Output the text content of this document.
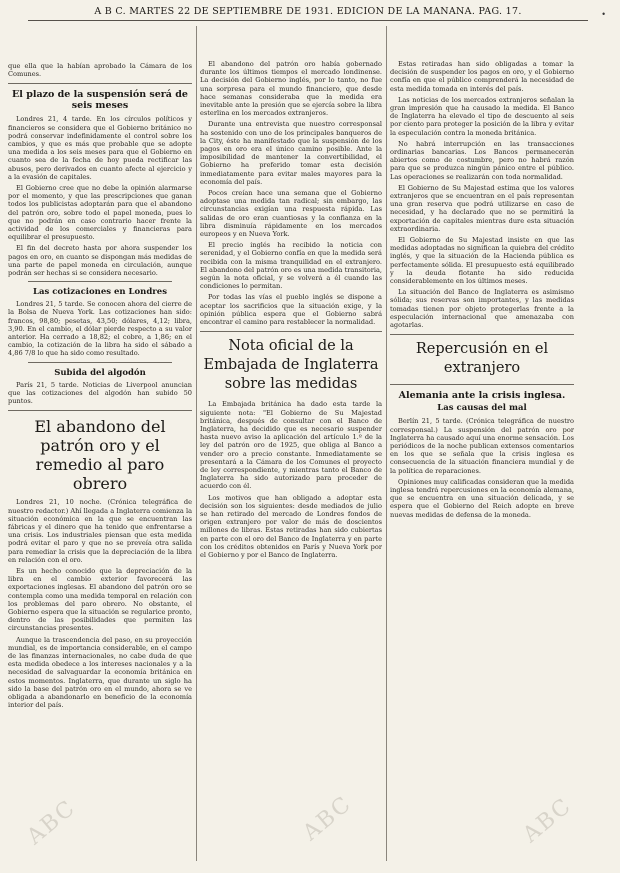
A B C. MARTES 22 DE SEPTIEMBRE DE 1931. EDICION DE LA MAÑANA. PAG. 17.	•

que ella que la habían aprobado la Cámara de los Comunes.

El plazo de la suspensión será de seis meses

Londres 21, 4 tarde. En los círculos políticos y financieros se considera que el Gobierno británico no podrá conservar indefinidamente el control sobre los cambios, y que es más que probable que se adopte una medida a los seis meses para que el Gobierno en cuanto sea de la fecha de hoy pueda rectificar las abusos, pero derivados en cuanto afecte al ejercicio y a la evasión de capitales.

El Gobierno cree que no debe la opinión alarmarse por el momento, y que las prescripciones que ganan todos los publicistas adoptarán para que el abandono del patrón oro, sobre todo el papel moneda, pues lo que no podrán en caso contrario hacer frente la actividad de los comerciales y financieras para equilibrar el presupuesto.

El fin del decreto hasta por ahora suspender los pagos en oro, en cuanto se dispongan más medidas de una parte de papel moneda en circulación, aunque podrán ser hechas si se considera necesario.

Las cotizaciones en Londres

Londres 21, 5 tarde. Se conocen ahora del cierre de la Bolsa de Nueva York. Las cotizaciones han sido: francos, 98,80; pesetas, 43,50; dólares, 4,12; libra, 3,90. En el cambio, el dólar pierde respecto a su valor anterior. Ha cerrado a 18,82; el cobre, a 1,86; en el cambio, la cotización de la libra ha sido el sábado a 4,86 7/8 lo que ha sido como resultado.

Subida del algodón

París 21, 5 tarde. Noticias de Liverpool anuncian que las cotizaciones del algodón han subido 50 puntos.

El abandono del patrón oro y el remedio al paro obrero

Londres 21, 10 noche. (Crónica telegráfica de nuestro redactor.) Ahí llegada a Inglaterra comienza la situación económica en la que se encuentran las fábricas y el dinero que ha tenido que enfrentarse a una crisis. Los industriales piensan que esta medida podrá evitar el paro y que no se preveía otra salida para remediar la crisis que la depreciación de la libra en relación con el oro.

Es un hecho conocido que la depreciación de la libra en el cambio exterior favorecerá las exportaciones inglesas. El abandono del patrón oro se contempla como una medida temporal en relación con los problemas del paro obrero. No obstante, el Gobierno espera que la situación se regularice pronto, dentro de las posibilidades que permiten las circunstancias presentes.

Aunque la trascendencia del paso, en su proyección mundial, es de importancia considerable, en el campo de las finanzas internacionales, no cabe duda de que esta medida obedece a los intereses nacionales y a la necesidad de salvaguardar la economía británica en estos momentos. Inglaterra, que durante un siglo ha sido la base del patrón oro en el mundo, ahora se ve obligada a abandonarlo en beneficio de la economía interior del país.

El abandono del patrón oro había gobernado durante los últimos tiempos el mercado londinense. La decisión del Gobierno inglés, por lo tanto, no fue una sorpresa para el mundo financiero, que desde hace semanas consideraba que la medida era inevitable ante la presión que se ejercía sobre la libra esterlina en los mercados extranjeros.

Durante una entrevista que nuestro corresponsal ha sostenido con uno de los principales banqueros de la City, éste ha manifestado que la suspensión de los pagos en oro era el único camino posible. Ante la imposibilidad de mantener la convertibilidad, el Gobierno ha preferido tomar esta decisión inmediatamente para evitar males mayores para la economía del país.

Pocos creían hace una semana que el Gobierno adoptase una medida tan radical; sin embargo, las circunstancias exigían una respuesta rápida. Las salidas de oro eran cuantiosas y la confianza en la libra disminuía rápidamente en los mercados europeos y en Nueva York.

El precio inglés ha recibido la noticia con serenidad, y el Gobierno confía en que la medida será recibida con la misma tranquilidad en el extranjero. El abandono del patrón oro es una medida transitoria, según la nota oficial, y se volverá a él cuando las condiciones lo permitan.

Por todas las vías el pueblo inglés se dispone a aceptar los sacrificios que la situación exige, y la opinión pública espera que el Gobierno sabrá encontrar el camino para restablecer la normalidad.

Nota oficial de la Embajada de Inglaterra sobre las medidas

La Embajada británica ha dado esta tarde la siguiente nota: "El Gobierno de Su Majestad británica, después de consultar con el Banco de Inglaterra, ha decidido que es necesario suspender hasta nuevo aviso la aplicación del artículo 1.º de la ley del patrón oro de 1925, que obliga al Banco a vender oro a precio constante. Inmediatamente se presentará a la Cámara de los Comunes el proyecto de ley correspondiente, y mientras tanto el Banco de Inglaterra ha sido autorizado para proceder de acuerdo con él.

Los motivos que han obligado a adoptar esta decisión son los siguientes: desde mediados de julio se han retirado del mercado de Londres fondos de origen extranjero por valor de más de doscientos millones de libras. Estas retiradas han sido cubiertas en parte con el oro del Banco de Inglaterra y en parte con los créditos obtenidos en París y Nueva York por el Gobierno y por el Banco de Inglaterra.

Estas retiradas han sido obligadas a tomar la decisión de suspender los pagos en oro, y el Gobierno confía en que el público comprenderá la necesidad de esta medida tomada en interés del país.

Las noticias de los mercados extranjeros señalan la gran impresión que ha causado la medida. El Banco de Inglaterra ha elevado el tipo de descuento al seis por ciento para proteger la posición de la libra y evitar la especulación contra la moneda británica.

No habrá interrupción en las transacciones ordinarias bancarias. Los Bancos permanecerán abiertos como de costumbre, pero no habrá razón para que se produzca ningún pánico entre el público. Las operaciones se realizarán con toda normalidad.

El Gobierno de Su Majestad estima que los valores extranjeros que se encuentran en el país representan una gran reserva que podrá utilizarse en caso de necesidad, y ha declarado que no se permitirá la exportación de capitales mientras dure esta situación extraordinaria.

El Gobierno de Su Majestad insiste en que las medidas adoptadas no significan la quiebra del crédito inglés, y que la situación de la Hacienda pública es perfectamente sólida. El presupuesto está equilibrado y la deuda flotante ha sido reducida considerablemente en los últimos meses.

La situación del Banco de Inglaterra es asimismo sólida; sus reservas son importantes, y las medidas tomadas tienen por objeto protegerlas frente a la especulación internacional que amenazaba con agotarlas.

Repercusión en el extranjero
Alemania ante la crisis inglesa.
Las causas del mal

Berlín 21, 5 tarde. (Crónica telegráfica de nuestro corresponsal.) La suspensión del patrón oro por Inglaterra ha causado aquí una enorme sensación. Los periódicos de la noche publican extensos comentarios en los que se señala que la crisis inglesa es consecuencia de la situación financiera mundial y de la política de reparaciones.

Opiniones muy calificadas consideran que la medida inglesa tendrá repercusiones en la economía alemana, que se encuentra en una situación delicada, y se espera que el Gobierno del Reich adopte en breve nuevas medidas de defensa de la moneda.

ABC	ABC	ABC
